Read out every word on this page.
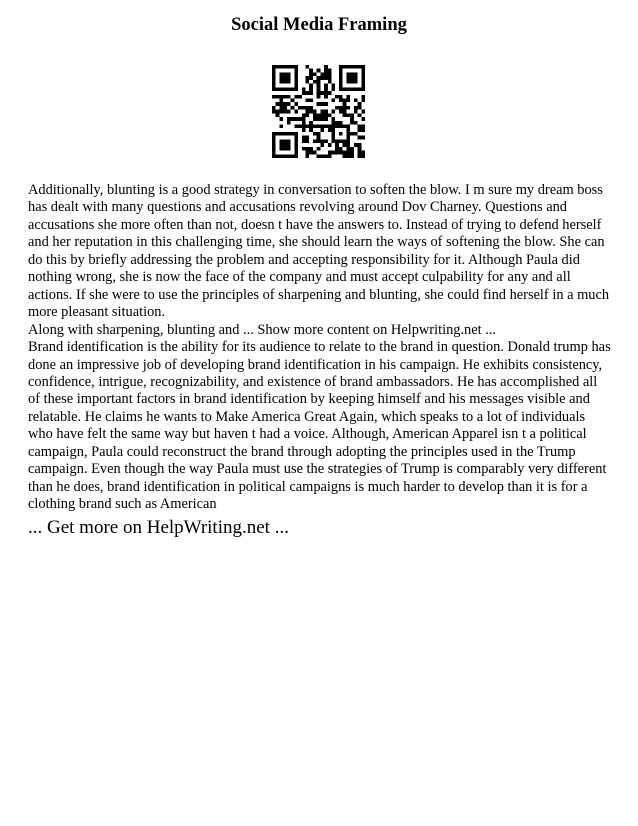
Social Media Framing

Additionally, blunting is a good strategy in conversation to soften the blow. I m sure my dream boss has dealt with many questions and accusations revolving around Dov Charney. Questions and accusations she more often than not, doesn t have the answers to. Instead of trying to defend herself and her reputation in this challenging time, she should learn the ways of softening the blow. She can do this by briefly addressing the problem and accepting responsibility for it. Although Paula did nothing wrong, she is now the face of the company and must accept culpability for any and all actions. If she were to use the principles of sharpening and blunting, she could find herself in a much more pleasant situation.

Along with sharpening, blunting and ... Show more content on Helpwriting.net ...

Brand identification is the ability for its audience to relate to the brand in question. Donald trump has done an impressive job of developing brand identification in his campaign. He exhibits consistency, confidence, intrigue, recognizability, and existence of brand ambassadors. He has accomplished all of these important factors in brand identification by keeping himself and his messages visible and relatable. He claims he wants to Make America Great Again, which speaks to a lot of individuals who have felt the same way but haven t had a voice. Although, American Apparel isn t a political campaign, Paula could reconstruct the brand through adopting the principles used in the Trump campaign. Even though the way Paula must use the strategies of Trump is comparably very different than he does, brand identification in political campaigns is much harder to develop than it is for a clothing brand such as American

... Get more on HelpWriting.net ...
